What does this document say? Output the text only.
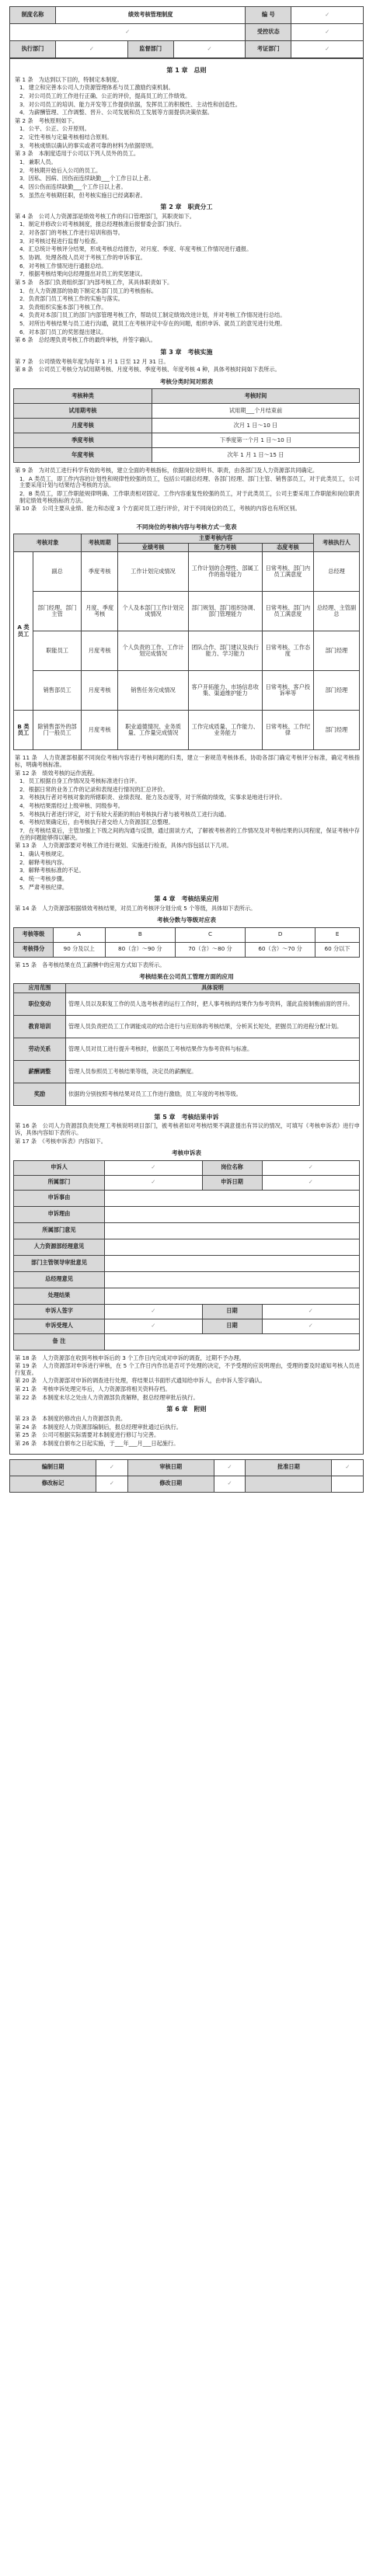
制度名称	绩效考核管理制度			编 号	✓
✓				受控状态	✓
执行部门	✓	监督部门	✓	考证部门	✓
第 1 章　总则
第 1 条　为达到以下目的，特制定本制度。
1．建立和完善本公司人力资源管理体系与员工激励约束机制。
2．对公司员工的工作进行正确、公正的评价，提高员工的工作绩效。
3．对公司员工的培训、能力开发等工作提供依据，发挥员工的积极性、主动性和创造性。
4．为薪酬管理、工作调整、晋升、公司发展和员工发展等方面提供决策依据。
第 2 条　考核原则如下。
1．公平、公正、公开原则。
2．定性考核与定量考核相结合原则。
3．考核成绩以确认的事实或者可靠的材料为依据原则。
第 3 条　本制度适用于公司以下列人员外的员工。
1．兼职人员。
2．考核期开始后入公司的员工。
3．因私、因病、因伤而连续缺勤___个工作日以上者。
4．因公伤而连续缺勤___个工作日以上者。
5．虽然在考核期任职，但考核实施日已经离职者。
第 2 章　职责分工
第 4 条　公司人力资源部是绩效考核工作的归口管理部门，其职责如下。
1．制定并修改公司考核制度，报总经理核准后报督委会部门执行。
2．对各部门的考核工作进行培训和指导。
3．对考核过程进行监督与检查。
4．汇总统计考核评分结果，形成考核总结报告，对月度、季度、年度考核工作情况进行通报。
5．协调、处理各级人员对于考核工作的申诉事宜。
6．对考核工作情况进行通报总结。
7．根据考核结果向总经理提出对员工的奖惩建议。
第 5 条　各部门负责组织部门内部考核工作，其具体职责如下。
1．在人力资源部的协助下制定本部门员工的考核指标。
2．负责部门员工考核工作的实施与落实。
3．负责组织实施本部门考核工作。
4．负责对本部门员工的部门内部管理考核工作，帮助员工制定绩效改进计划，并对考核工作情况进行总结。
5．对所出考核结果与员工进行沟通，就员工在考核评定中存在的问题，组织申诉、就员工的意见进行处理。
6．对本部门员工的奖惩提出建议。
第 6 条　总经理负责考核工作的最终审核，并签字确认。
第 3 章　考核实施
第 7 条　公司绩效考核年度为每年 1 月 1 日至 12 月 31 日。
第 8 条　公司员工考核分为试用期考核、月度考核、季度考核、年度考核 4 种，具体考核时间如下表所示。
考核分类时间对照表
考核种类	考核时间
试用期考核	试用期___个月结束前
月度考核	次月 1 日～10 日
季度考核	下季度第一个月 1 日～10 日
年度考核	次年 1 月 1 日～15 日
第 9 条　为对员工进行科学有效的考核，建立全面的考核指标，依据岗位说明书、职责，由各部门及人力资源部共同确定。
1．A 类员工，即工作内容的计划性和规律性较强的员工，包括公司副总经理、各部门经理、部门主管、销售部员工，对于此类员工，公司主要采用计划与结果结合考核的方法。
2．B 类员工，即工作职能规律明确、工作职责相对固定、工作内容重复性较强的员工，对于此类员工，公司主要采用工作职能和岗位职责制定绩效考核指标的方法。
第 10 条　公司主要从业绩、能力和态度 3 个方面对员工进行评价，对于不同岗位的员工，考核的内容也有所区别。
不同岗位的考核内容与考核方式一览表
考核对象		考核周期	主要考核内容			考核执行人
			业绩考核	能力考核	态度考核	
A 类员工	副总	季度考核	工作计划完成情况	工作计划的合理性、部属工作的指导能力	日常考核、部门内员工满意度	总经理
	部门经理、部门主管	月度、季度考核	个人及本部门工作计划完成情况	部门规划、部门组织协调、部门管理能力	日常考核、部门内员工满意度	总经理、主管副总
	职能员工	月度考核	个人负责的工作、工作计划完成情况	团队合作、部门建议及执行能力、学习能力	日常考核、工作态度	部门经理
	销售部员工	月度考核	销售任务完成情况	客户开拓能力、市场信息收集、渠道维护能力	日常考核、客户投诉率等	部门经理
B 类员工	除销售部外的部门一般员工	月度考核	职业道德情况、业务质量、工作量完成情况	工作完成质量、工作能力、业务能力	日常考核、工作纪律	部门经理
第 11 条　人力资源部根据不同岗位考核内容进行考核问题的归类，建立一套规范考核体系，协助各部门确定考核评分标准，确定考核指标，明确考核标准。
第 12 条　绩效考核的运作流程。
1．员工根据自身工作情况及考核标准进行自评。
2．根据日常的业务工作的记录和表现进行情况的汇总评价。
3．考核执行者对考核对象的所辖职责、业绩表现、能力及态度等，对于所做的绩效，实事求是地进行评价。
4．考核结果需经过上级审核、同级参考。
5．考核执行者进行评定，对于有较大差距的则由考核执行者与被考核员工进行沟通。
6．考核结果确定后，由考核执行者交给人力资源部汇总整理。
7．在考核结束后，主管加强上下级之间的沟通与反馈，通过面谈方式，了解被考核者的工作情况及对考核结果的认同程度，保证考核中存在的问题能够得以解决。
第 13 条　人力资源部要对考核工作进行规划、实施进行检查，具体内容包括以下几项。
1．确认考核规定。
2．解释考核内容。
3．解释考核标准的不足。
4．统一考核步骤。
5．严肃考核纪律。
第 4 章　考核结果应用
第 14 条　人力资源部根据绩效考核结果，对员工的考核评分划分成 5 个等级，具体如下表所示。
考核分数与等级对应表
考核等级	A	B	C	D	E
考核得分	90 分及以上	80（含）～90 分	70（含）～80 分	60（含）～70 分	60 分以下
第 15 条　各考核结果在员工薪酬中的应用方式如下表所示。
考核结果在公司员工管理方面的应用
应用范围	具体说明
职位变动	管理人员以及职复工作的员人选考核者的运行工作时，把人事考核的结果作为参考资料，谨此直接制衡前面的晋升。
教育培训	管理人员负责把员工工作调能成功的结合进行与应用体的考核结果，分析其长短处，把握员工的进程分配计划。
劳动关系	管理人员对员工进行提升考核时，依据员工考核结果作为参考资料与标准。
薪酬调整	管理人员参照员工考核结果等级，决定员的薪酬度。
奖励	依据的分别按照考核结果对员工工作进行激励，员工年度的考核等级。
第 5 章　考核结果申诉
第 16 条　公司人力资源部负责处理工考核说明项目部门，被考核者如对考核结果不满意提出有异议的情况，可填写《考核申诉表》进行申诉，具体内容如下表所示。
第 17 条　《考核申诉表》内容如下。
考核申诉表
申诉人	✓	岗位名称	✓
所属部门	✓	申诉日期	✓
申诉事由			
申诉理由			
所属部门意见			
人力资源部经理意见			
部门主管领导审批意见			
总经理意见			
处理结果			
申诉人签字	✓	日期	✓
申诉受理人	✓	日期	✓
备 注			
第 18 条　人力资源部在收到考核申诉后的 3 个工作日内完成对申诉的调查，过期不予办理。
第 19 条　人力资源部对申诉进行审核，在 5 个工作日内作出是否可予处理的决定，不予受理的应说明理由，受理的要及时通知考核人员进行复查。
第 20 条　人力资源部对申诉的调查进行处理，将结果以书面形式通知给申诉人，由申诉人签字确认。
第 21 条　考核申诉处理完毕后，人力资源部将相关资料存档。
第 22 条　本制度未尽之处由人力资源部负责解释，报总经理审批后执行。
第 6 章　附则
第 23 条　本制度的修改由人力资源部负责。
第 24 条　本制度经人力资源部编制后，报总经理审批通过后执行。
第 25 条　公司可根据实际需要对本制度进行修订与完善。
第 26 条　本制度自颁布之日起实施，于___年___月___日起施行。
编制日期	✓	审核日期	✓	批准日期	✓
修改标记	✓	修改日期	✓		
